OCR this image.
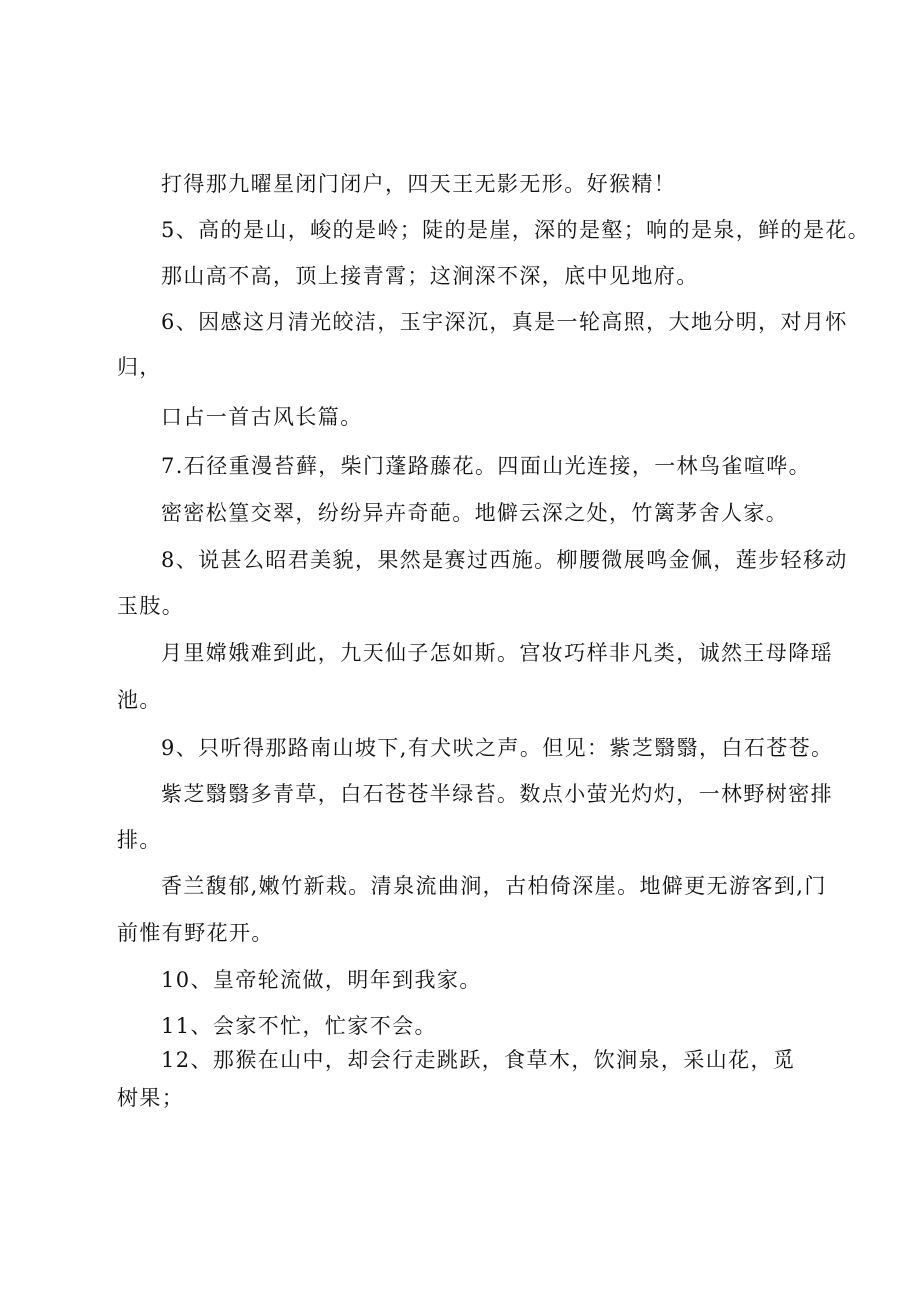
打得那九曜星闭门闭户，四天王无影无形。好猴精！
5、高的是山，峻的是岭；陡的是崖，深的是壑；响的是泉，鲜的是花。
那山高不高，顶上接青霄；这涧深不深，底中见地府。
6、因感这月清光皎洁，玉宇深沉，真是一轮高照，大地分明，对月怀
归，
口占一首古风长篇。
7.石径重漫苔藓，柴门蓬路藤花。四面山光连接，一林鸟雀喧哗。
密密松篁交翠，纷纷异卉奇葩。地僻云深之处，竹篱茅舍人家。
8、说甚么昭君美貌，果然是赛过西施。柳腰微展鸣金佩，莲步轻移动
玉肢。
月里嫦娥难到此，九天仙子怎如斯。宫妆巧样非凡类，诚然王母降瑶
池。
9、只听得那路南山坡下,有犬吠之声。但见：紫芝翳翳，白石苍苍。
紫芝翳翳多青草，白石苍苍半绿苔。数点小萤光灼灼，一林野树密排
排。
香兰馥郁,嫩竹新栽。清泉流曲涧，古柏倚深崖。地僻更无游客到,门
前惟有野花开。
10、皇帝轮流做，明年到我家。
11、会家不忙，忙家不会。
12、那猴在山中，却会行走跳跃，食草木，饮涧泉，采山花，觅
树果；
